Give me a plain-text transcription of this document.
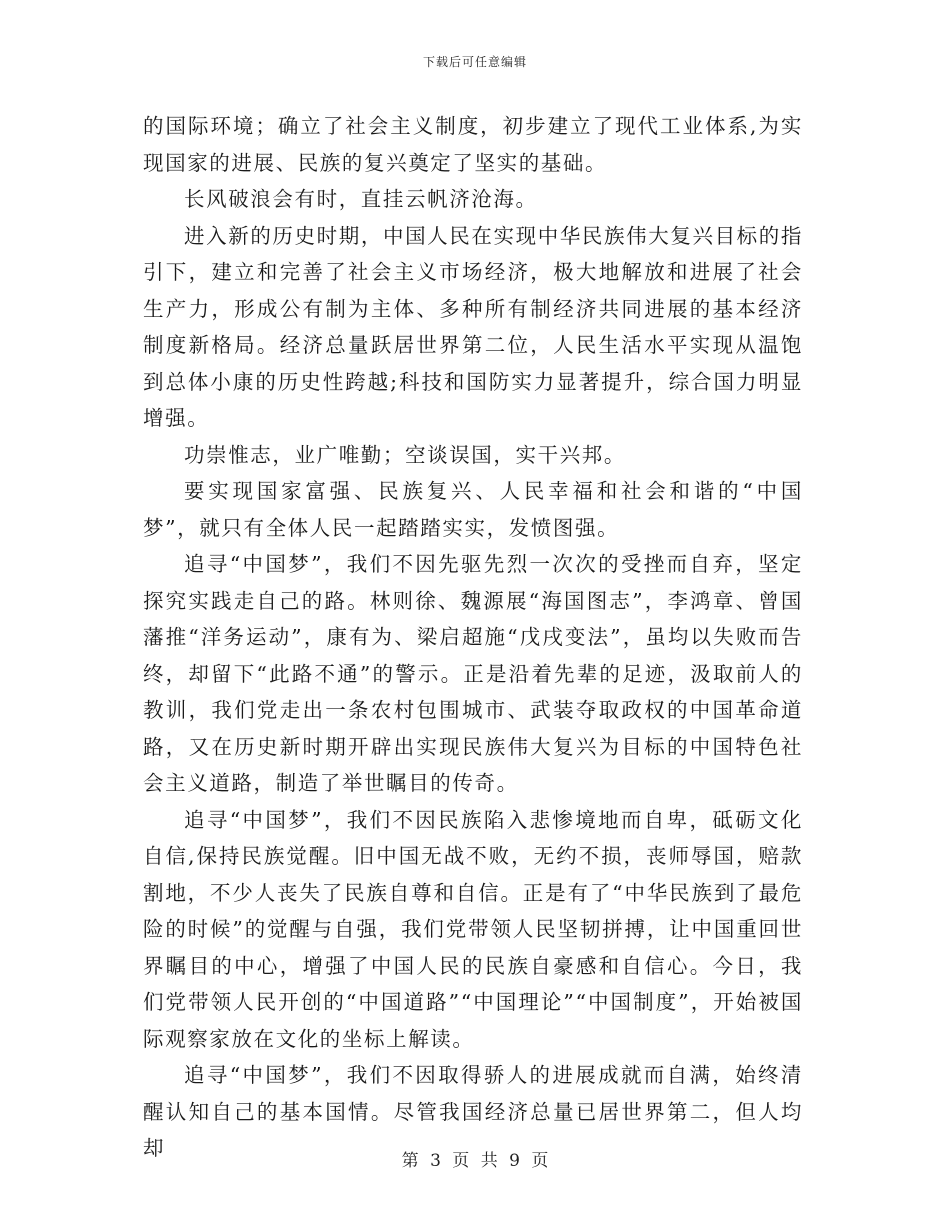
下载后可任意编辑

的国际环境；确立了社会主义制度，初步建立了现代工业体系,为实现国家的进展、民族的复兴奠定了坚实的基础。

长风破浪会有时，直挂云帆济沧海。

进入新的历史时期，中国人民在实现中华民族伟大复兴目标的指引下，建立和完善了社会主义市场经济，极大地解放和进展了社会生产力，形成公有制为主体、多种所有制经济共同进展的基本经济制度新格局。经济总量跃居世界第二位，人民生活水平实现从温饱到总体小康的历史性跨越;科技和国防实力显著提升，综合国力明显增强。

功崇惟志，业广唯勤；空谈误国，实干兴邦。

要实现国家富强、民族复兴、人民幸福和社会和谐的“中国梦”，就只有全体人民一起踏踏实实，发愤图强。

追寻“中国梦”，我们不因先驱先烈一次次的受挫而自弃，坚定探究实践走自己的路。林则徐、魏源展“海国图志”，李鸿章、曾国藩推“洋务运动”，康有为、梁启超施“戊戌变法”，虽均以失败而告终，却留下“此路不通”的警示。正是沿着先辈的足迹，汲取前人的教训，我们党走出一条农村包围城市、武装夺取政权的中国革命道路，又在历史新时期开辟出实现民族伟大复兴为目标的中国特色社会主义道路，制造了举世瞩目的传奇。

追寻“中国梦”，我们不因民族陷入悲惨境地而自卑，砥砺文化自信,保持民族觉醒。旧中国无战不败，无约不损，丧师辱国，赔款割地，不少人丧失了民族自尊和自信。正是有了“中华民族到了最危险的时候”的觉醒与自强，我们党带领人民坚韧拼搏，让中国重回世界瞩目的中心，增强了中国人民的民族自豪感和自信心。今日，我们党带领人民开创的“中国道路”“中国理论”“中国制度”，开始被国际观察家放在文化的坐标上解读。

追寻“中国梦”，我们不因取得骄人的进展成就而自满，始终清醒认知自己的基本国情。尽管我国经济总量已居世界第二，但人均却

第 3 页 共 9 页
